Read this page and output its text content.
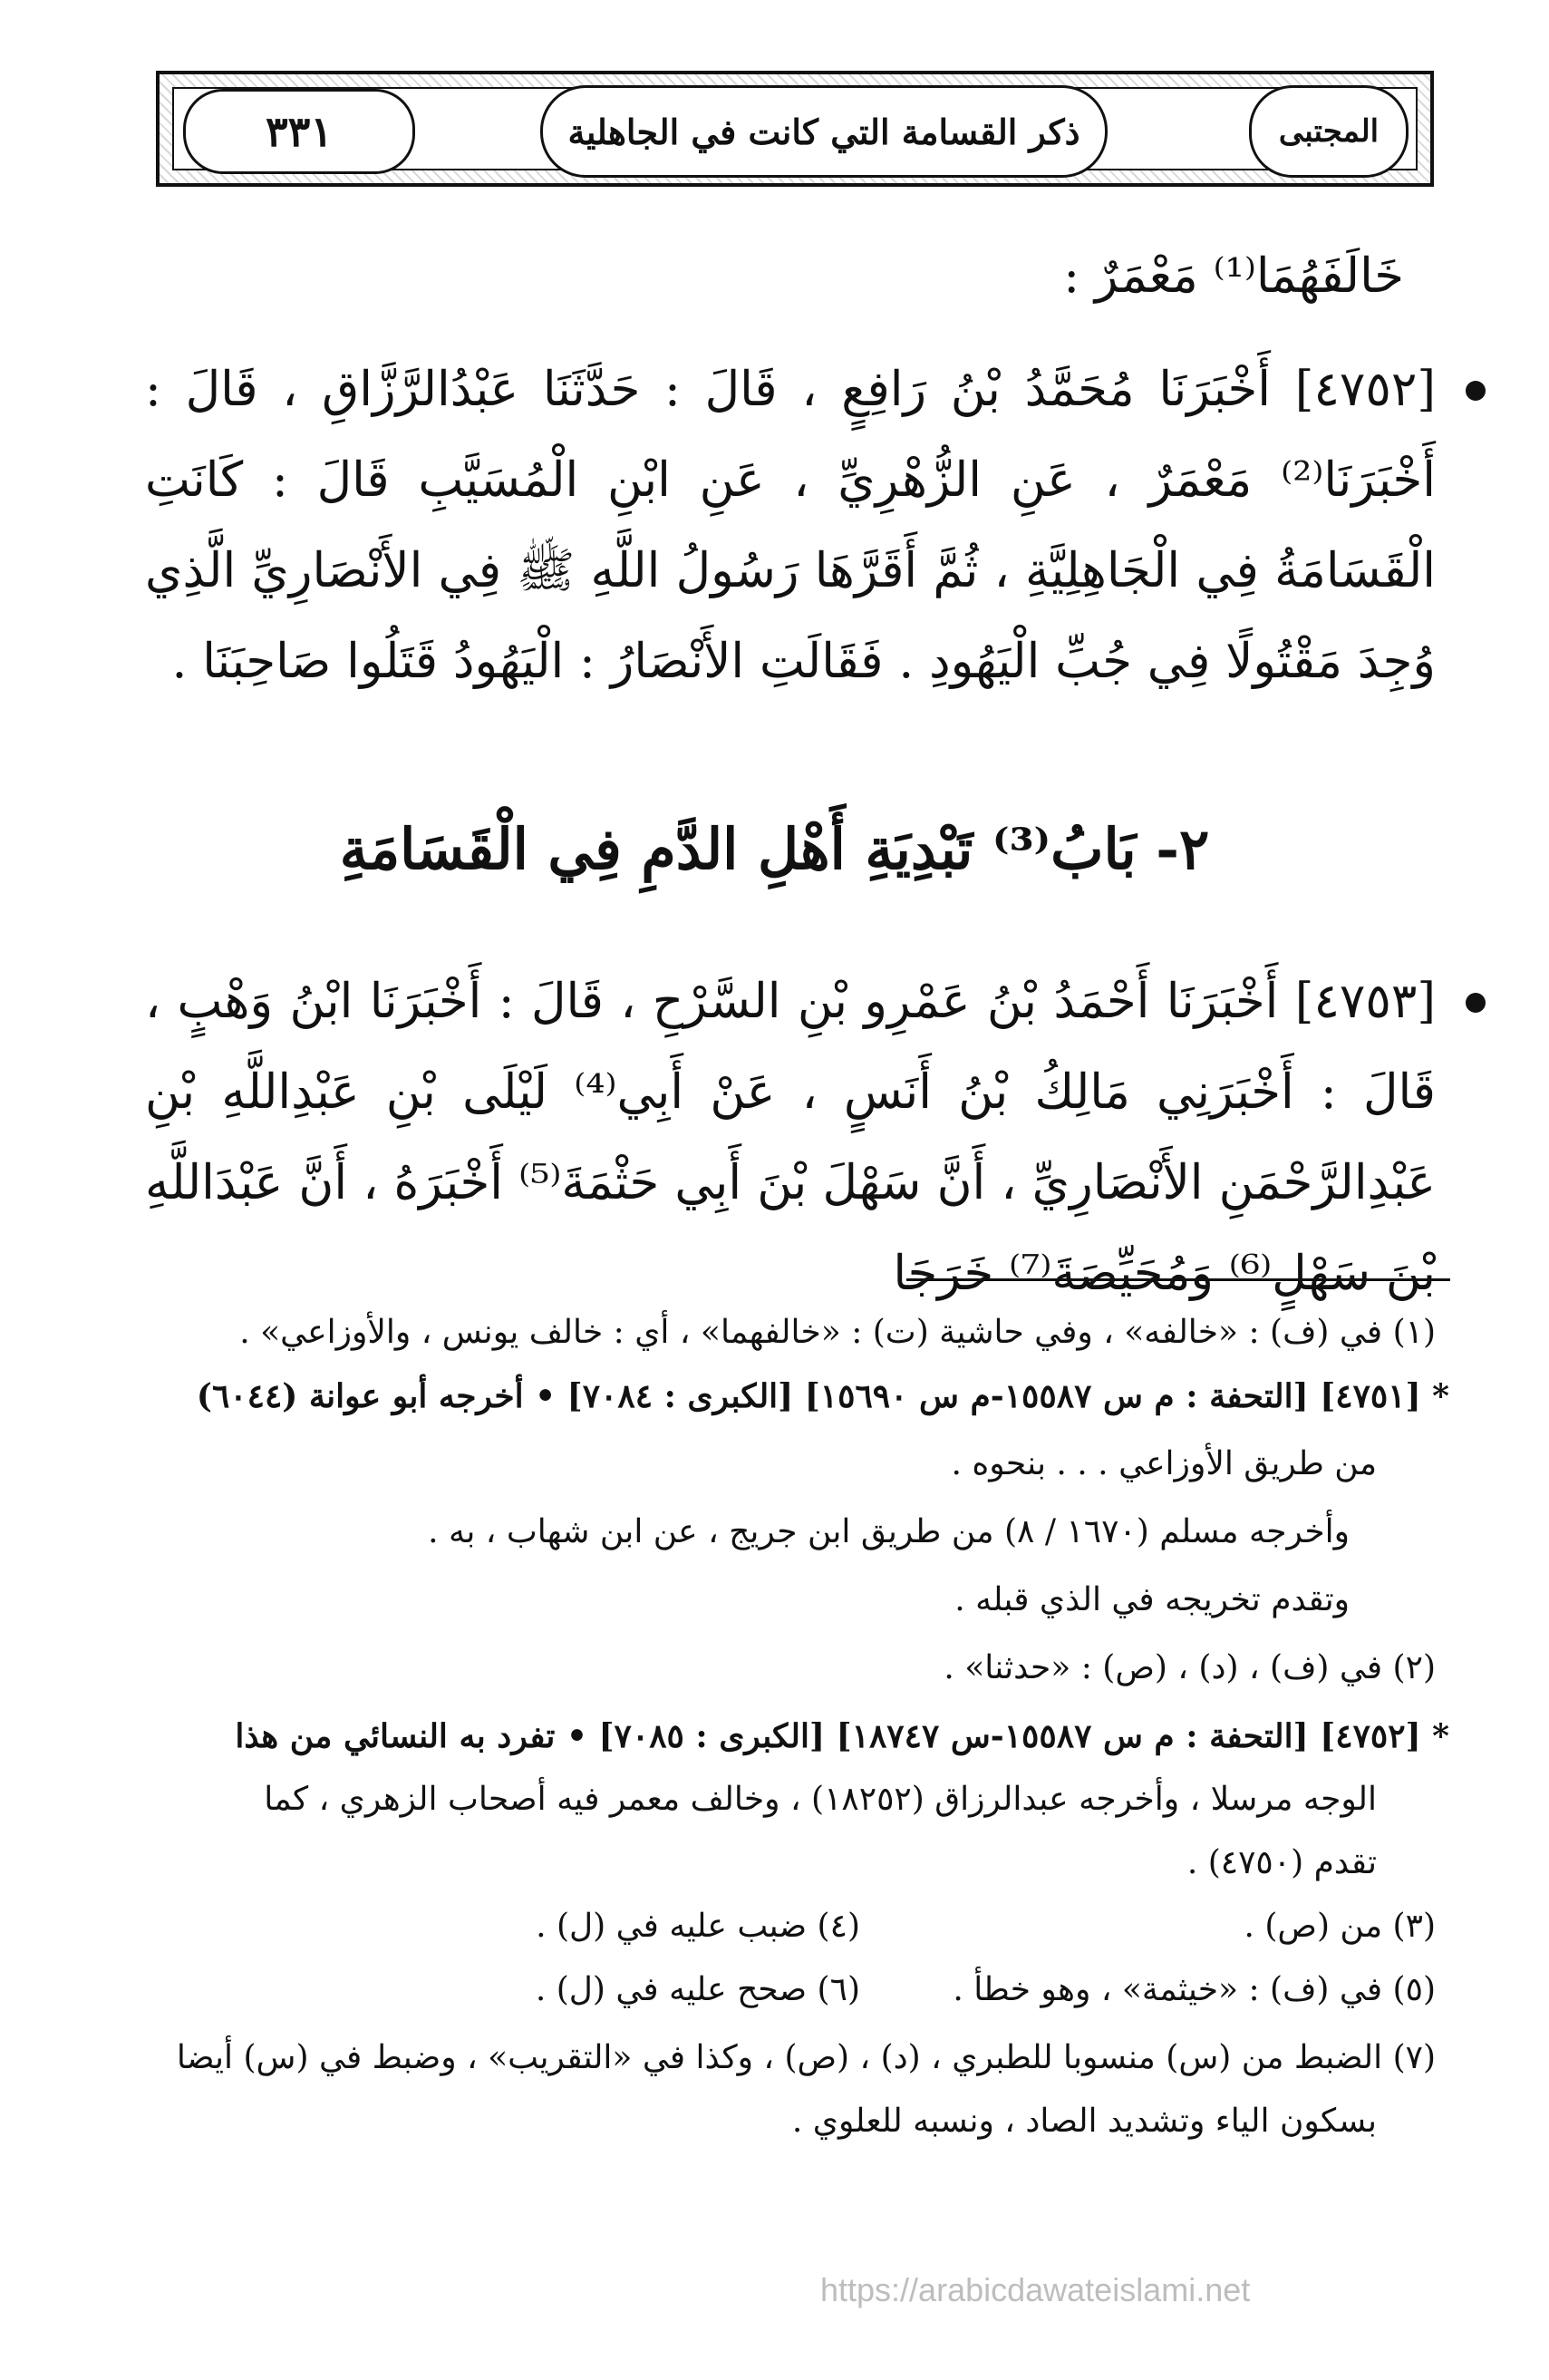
٣٣١	ذكر القسامة التي كانت في الجاهلية	المجتبى
خَالَفَهُمَا⁽¹⁾ مَعْمَرٌ :
[٤٧٥٢] أَخْبَرَنَا مُحَمَّدُ بْنُ رَافِعٍ ، قَالَ : حَدَّثَنَا عَبْدُالرَّزَّاقِ ، قَالَ : أَخْبَرَنَا⁽²⁾ مَعْمَرٌ ، عَنِ الزُّهْرِيِّ ، عَنِ ابْنِ الْمُسَيَّبِ قَالَ : كَانَتِ الْقَسَامَةُ فِي الْجَاهِلِيَّةِ ، ثُمَّ أَقَرَّهَا رَسُولُ اللَّهِ ﷺ فِي الأَنْصَارِيِّ الَّذِي وُجِدَ مَقْتُولًا فِي جُبِّ الْيَهُودِ . فَقَالَتِ الأَنْصَارُ : الْيَهُودُ قَتَلُوا صَاحِبَنَا .
٢- بَابُ⁽³⁾ تَبْدِيَةِ أَهْلِ الدَّمِ فِي الْقَسَامَةِ
[٤٧٥٣] أَخْبَرَنَا أَحْمَدُ بْنُ عَمْرِو بْنِ السَّرْحِ ، قَالَ : أَخْبَرَنَا ابْنُ وَهْبٍ ، قَالَ : أَخْبَرَنِي مَالِكُ بْنُ أَنَسٍ ، عَنْ أَبِي⁽⁴⁾ لَيْلَى بْنِ عَبْدِاللَّهِ بْنِ عَبْدِالرَّحْمَنِ الأَنْصَارِيِّ ، أَنَّ سَهْلَ بْنَ أَبِي حَثْمَةَ⁽⁵⁾ أَخْبَرَهُ ، أَنَّ عَبْدَاللَّهِ بْنَ سَهْلٍ⁽⁶⁾ وَمُحَيِّصَةَ⁽⁷⁾ خَرَجَا
(١) في (ف) : «خالفه» ، وفي حاشية (ت) : «خالفهما» ، أي : خالف يونس ، والأوزاعي» .
* [٤٧٥١] [التحفة : م س ١٥٥٨٧-م س ١٥٦٩٠] [الكبرى : ٧٠٨٤] • أخرجه أبو عوانة (٦٠٤٤)
من طريق الأوزاعي . . . بنحوه .
وأخرجه مسلم (١٦٧٠ / ٨) من طريق ابن جريج ، عن ابن شهاب ، به .
وتقدم تخريجه في الذي قبله .
(٢) في (ف) ، (د) ، (ص) : «حدثنا» .
* [٤٧٥٢] [التحفة : م س ١٥٥٨٧-س ١٨٧٤٧] [الكبرى : ٧٠٨٥] • تفرد به النسائي من هذا
الوجه مرسلا ، وأخرجه عبدالرزاق (١٨٢٥٢) ، وخالف معمر فيه أصحاب الزهري ، كما
تقدم (٤٧٥٠) .
(٣) من (ص) .
(٤) ضبب عليه في (ل) .
(٥) في (ف) : «خيثمة» ، وهو خطأ .
(٦) صحح عليه في (ل) .
(٧) الضبط من (س) منسوبا للطبري ، (د) ، (ص) ، وكذا في «التقريب» ، وضبط في (س) أيضا
بسكون الياء وتشديد الصاد ، ونسبه للعلوي .
https://arabicdawateislami.net
